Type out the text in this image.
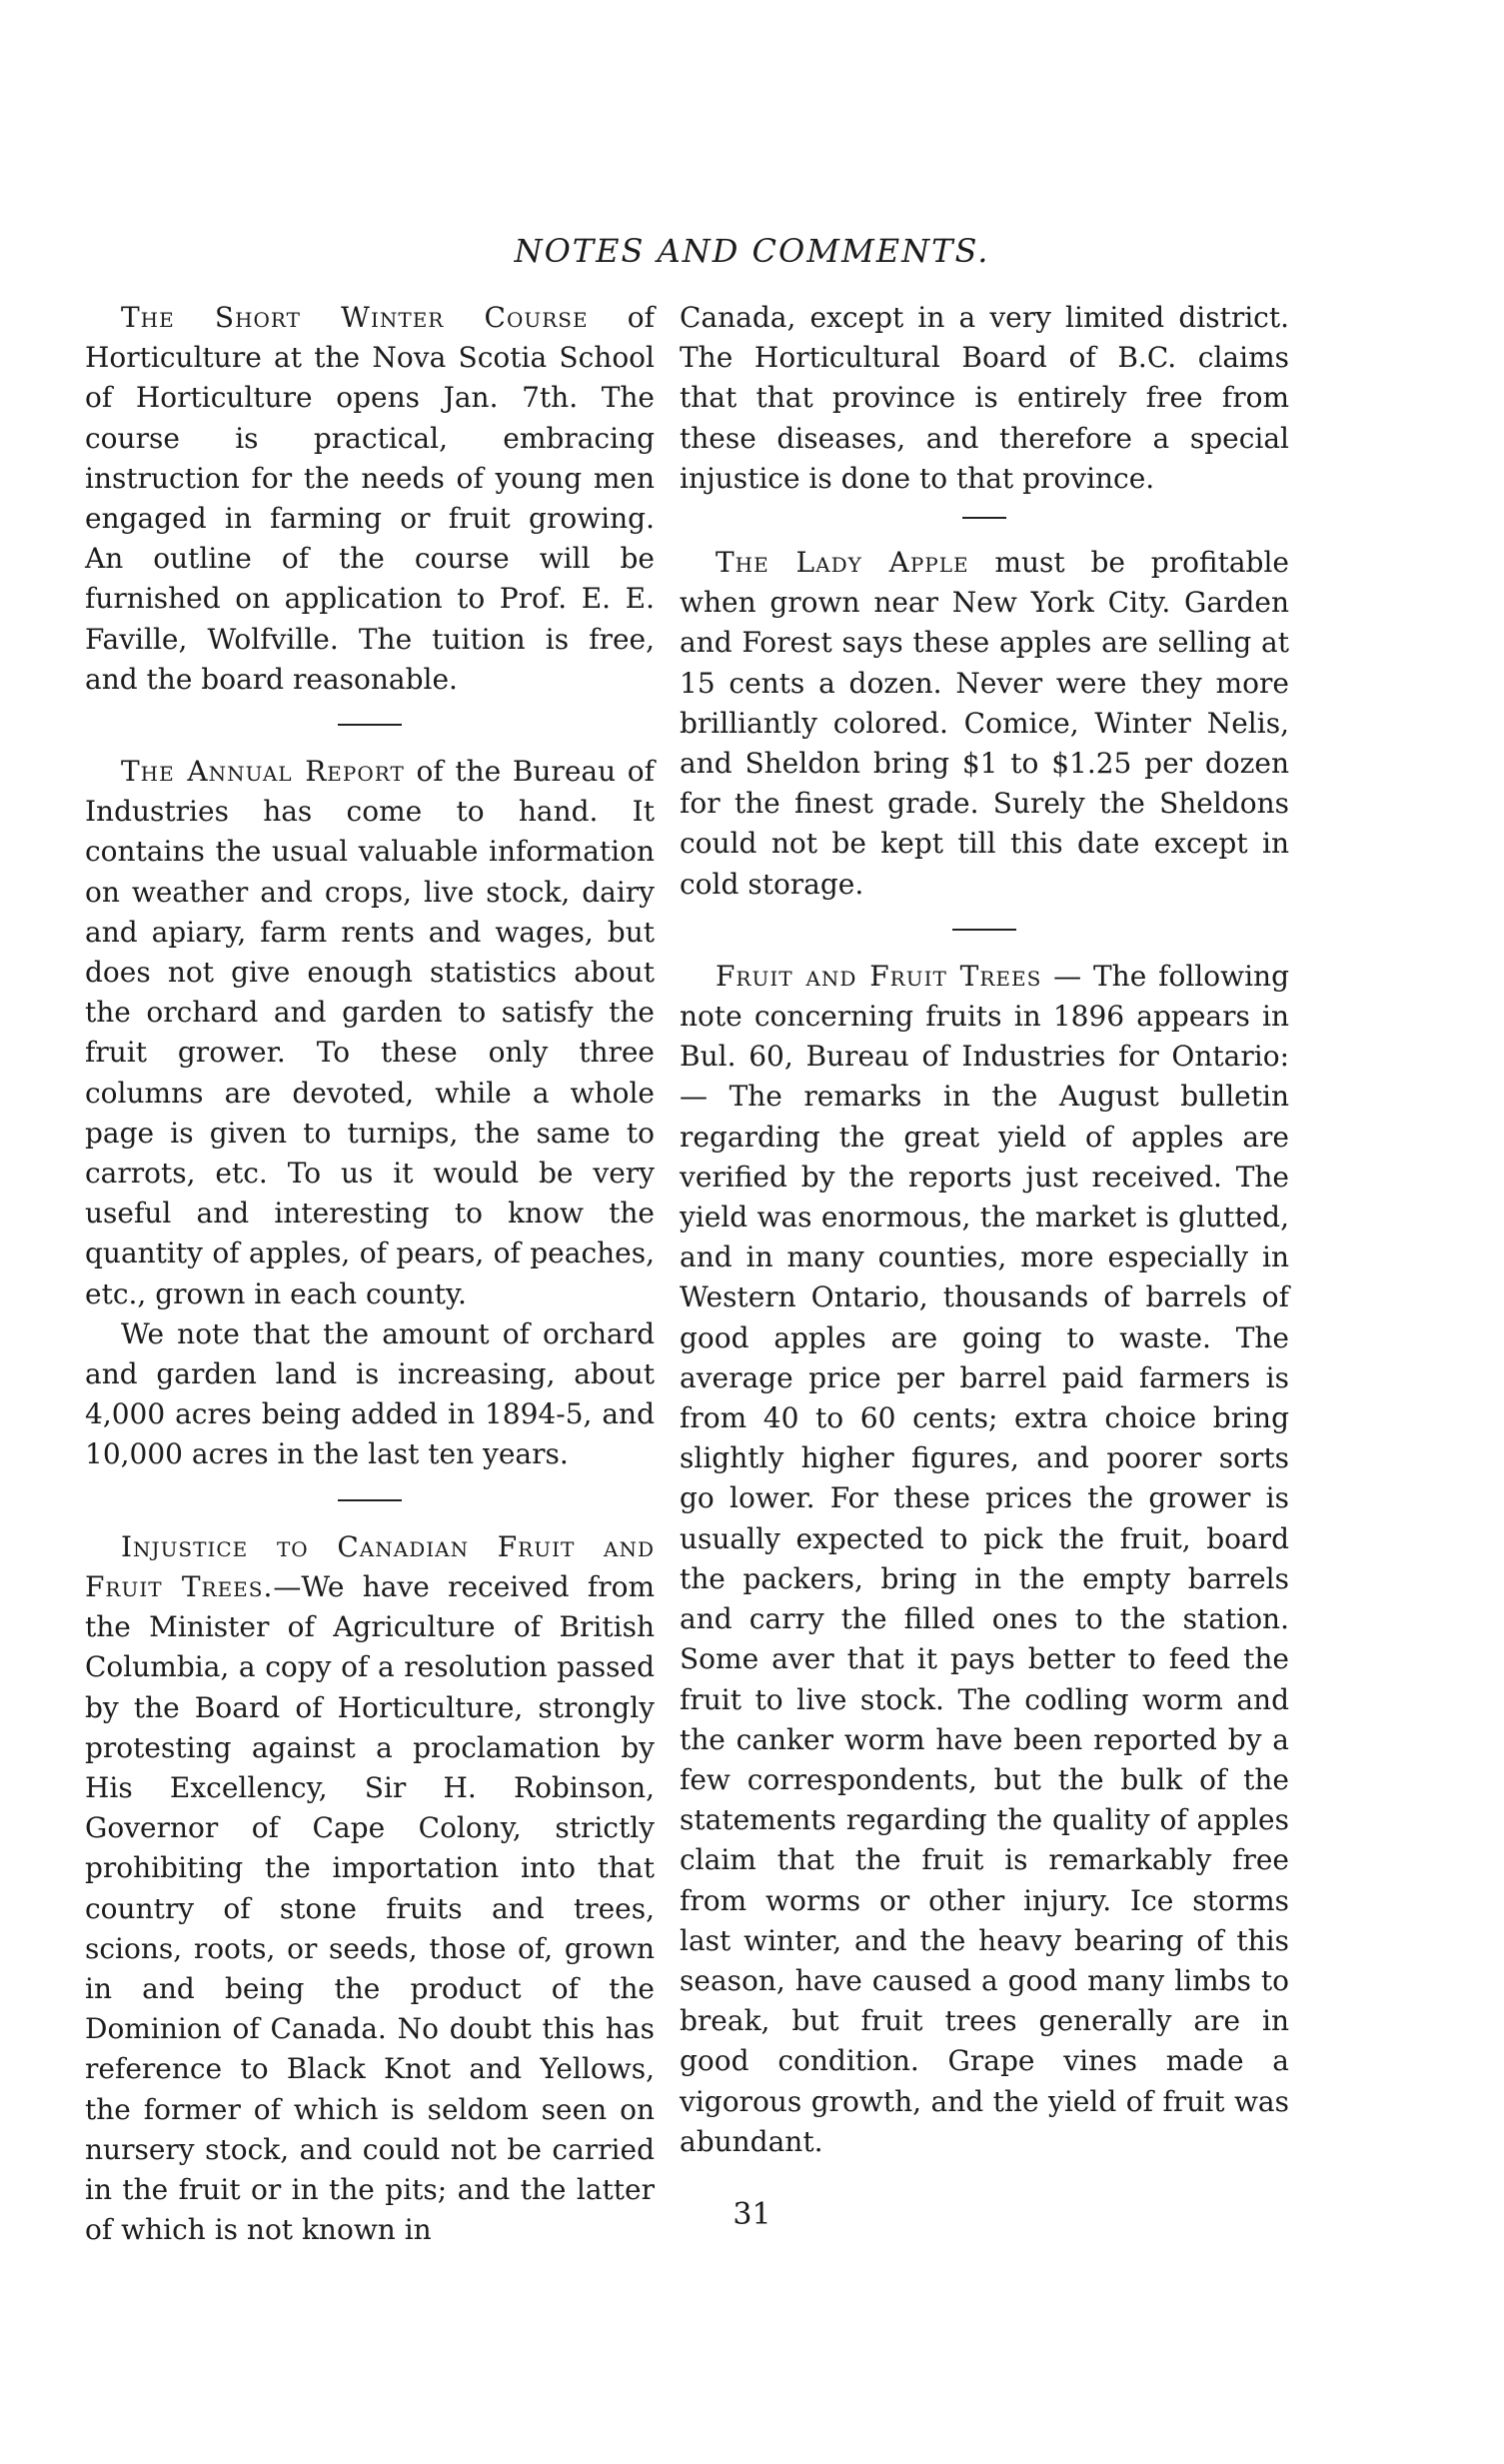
NOTES AND COMMENTS.

The Short Winter Course of Horticulture at the Nova Scotia School of Horticulture opens Jan. 7th. The course is practical, embracing instruction for the needs of young men engaged in farming or fruit growing. An outline of the course will be furnished on application to Prof. E. E. Faville, Wolfville. The tuition is free, and the board reasonable.

The Annual Report of the Bureau of Industries has come to hand. It contains the usual valuable information on weather and crops, live stock, dairy and apiary, farm rents and wages, but does not give enough statistics about the orchard and garden to satisfy the fruit grower. To these only three columns are devoted, while a whole page is given to turnips, the same to carrots, etc. To us it would be very useful and interesting to know the quantity of apples, of pears, of peaches, etc., grown in each county.

We note that the amount of orchard and garden land is increasing, about 4,000 acres being added in 1894-5, and 10,000 acres in the last ten years.

Injustice to Canadian Fruit and Fruit Trees.—We have received from the Minister of Agriculture of British Columbia, a copy of a resolution passed by the Board of Horticulture, strongly protesting against a proclamation by His Excellency, Sir H. Robinson, Governor of Cape Colony, strictly prohibiting the importation into that country of stone fruits and trees, scions, roots, or seeds, those of, grown in and being the product of the Dominion of Canada. No doubt this has reference to Black Knot and Yellows, the former of which is seldom seen on nursery stock, and could not be carried in the fruit or in the pits; and the latter of which is not known in

Canada, except in a very limited district. The Horticultural Board of B.C. claims that that province is entirely free from these diseases, and therefore a special injustice is done to that province.

The Lady Apple must be profitable when grown near New York City. Garden and Forest says these apples are selling at 15 cents a dozen. Never were they more brilliantly colored. Comice, Winter Nelis, and Sheldon bring $1 to $1.25 per dozen for the finest grade. Surely the Sheldons could not be kept till this date except in cold storage.

Fruit and Fruit Trees — The following note concerning fruits in 1896 appears in Bul. 60, Bureau of Industries for Ontario: — The remarks in the August bulletin regarding the great yield of apples are verified by the reports just received. The yield was enormous, the market is glutted, and in many counties, more especially in Western Ontario, thousands of barrels of good apples are going to waste. The average price per barrel paid farmers is from 40 to 60 cents; extra choice bring slightly higher figures, and poorer sorts go lower. For these prices the grower is usually expected to pick the fruit, board the packers, bring in the empty barrels and carry the filled ones to the station. Some aver that it pays better to feed the fruit to live stock. The codling worm and the canker worm have been reported by a few correspondents, but the bulk of the statements regarding the quality of apples claim that the fruit is remarkably free from worms or other injury. Ice storms last winter, and the heavy bearing of this season, have caused a good many limbs to break, but fruit trees generally are in good condition. Grape vines made a vigorous growth, and the yield of fruit was abundant.

31
